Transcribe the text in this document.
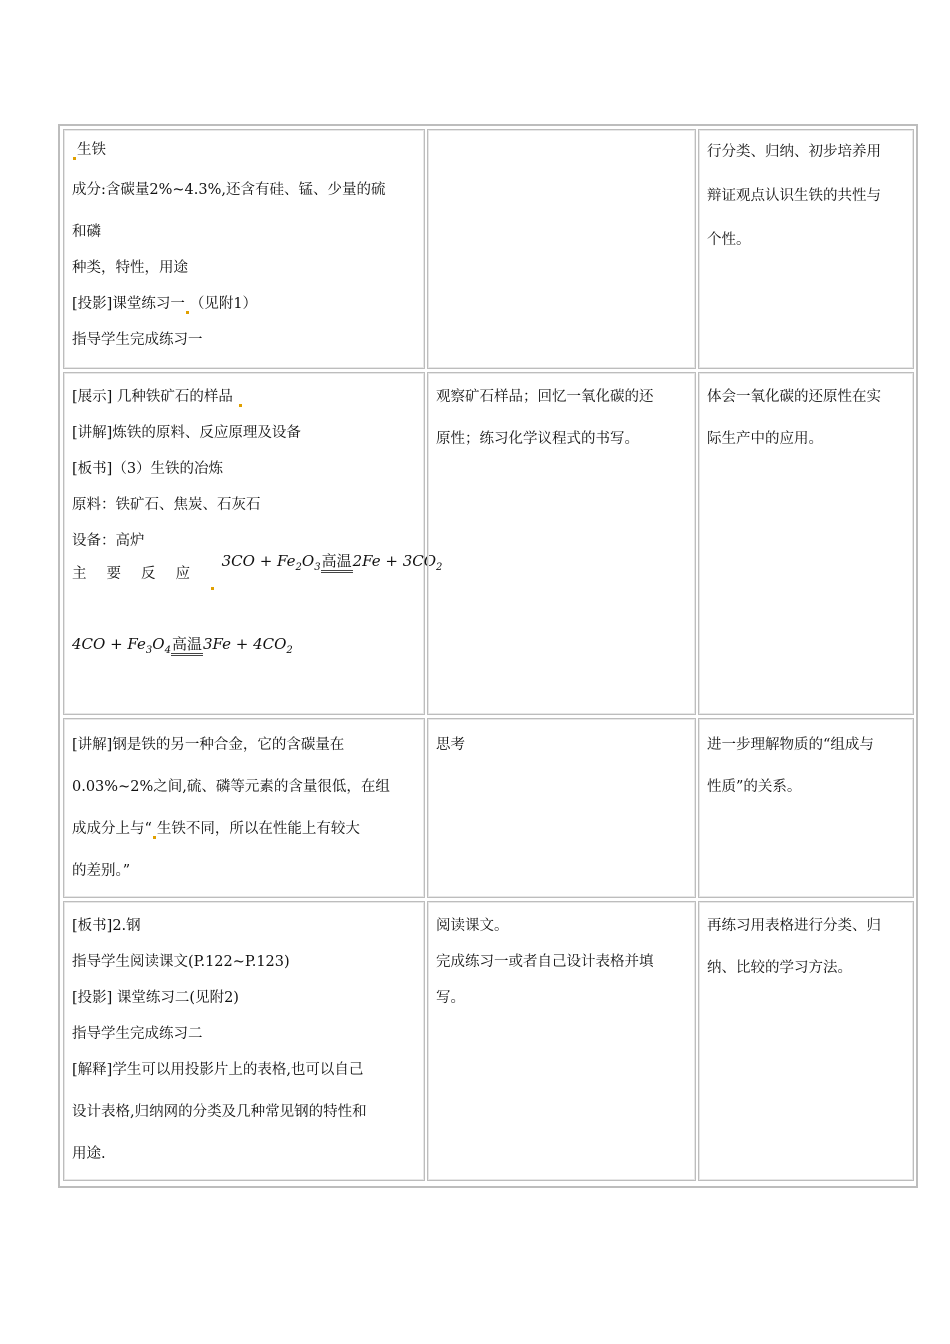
生铁

成分:含碳量2%~4.3%,还含有硅、锰、少量的硫

和磷

种类，特性，用途

[投影]课堂练习一 （见附1）

指导学生完成练习一

行分类、归纳、初步培养用

辩证观点认识生铁的共性与

个性。

[展示] 几种铁矿石的样品

[讲解]炼铁的原料、反应原理及设备

[板书]（3）生铁的冶炼

原料：铁矿石、焦炭、石灰石

设备：高炉

主要反应 $3CO + Fe_2O_3$高温$2Fe + 3CO_2$

$4CO + Fe_3O_4$高温$3Fe + 4CO_2$

观察矿石样品；回忆一氧化碳的还

原性；练习化学议程式的书写。

体会一氧化碳的还原性在实

际生产中的应用。

[讲解]钢是铁的另一种合金，它的含碳量在

0.03%~2%之间,硫、磷等元素的含量很低，在组

成成分上与“ 生铁不同，所以在性能上有较大

的差别。”

思考	进一步理解物质的“组成与

性质”的关系。

[板书]2.钢

指导学生阅读课文(P.122~P.123)

[投影] 课堂练习二(见附2)

指导学生完成练习二

[解释]学生可以用投影片上的表格,也可以自己

设计表格,归纳网的分类及几种常见钢的特性和

用途.

阅读课文。

完成练习一或者自己设计表格并填

写。

再练习用表格进行分类、归

纳、比较的学习方法。
